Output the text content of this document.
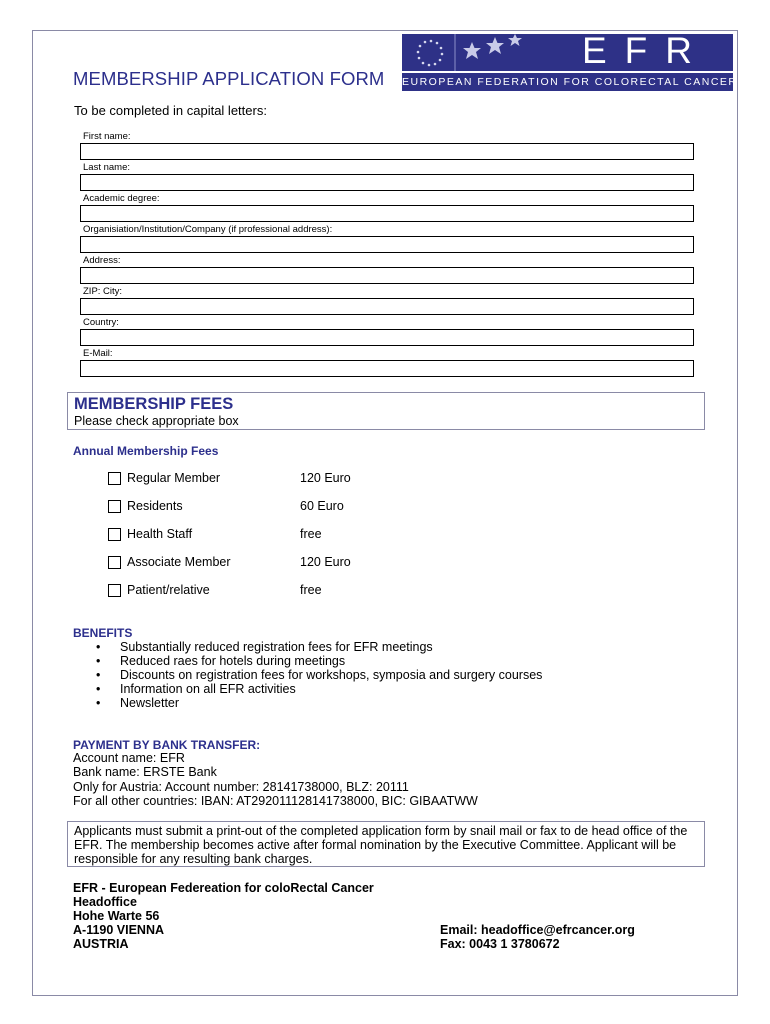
MEMBERSHIP APPLICATION FORM
EFR
EUROPEAN FEDERATION FOR COLORECTAL CANCER
To be completed in capital letters:
First name:
Last name:
Academic degree:
Organisiation/Institution/Company (if professional address):
Address:
ZIP: City:
Country:
E-Mail:
MEMBERSHIP FEES
Please check appropriate box
Annual Membership Fees
Regular Member	120 Euro
Residents	60 Euro
Health Staff	free
Associate Member	120 Euro
Patient/relative	free
BENEFITS
• Substantially reduced registration fees for EFR meetings
• Reduced raes for hotels during meetings
• Discounts on registration fees for workshops, symposia and surgery courses
• Information on all EFR activities
• Newsletter
PAYMENT BY BANK TRANSFER:
Account name: EFR
Bank name: ERSTE Bank
Only for Austria: Account number: 28141738000, BLZ: 20111
For all other countries: IBAN: AT292011128141738000, BIC: GIBAATWW
Applicants must submit a print-out of the completed application form by snail mail or fax to de head office of the EFR. The membership becomes active after formal nomination by the Executive Committee. Applicant will be responsible for any resulting bank charges.
EFR - European Federeation for coloRectal Cancer
Headoffice
Hohe Warte 56
A-1190 VIENNA
AUSTRIA
Email: headoffice@efrcancer.org
Fax: 0043 1 3780672
